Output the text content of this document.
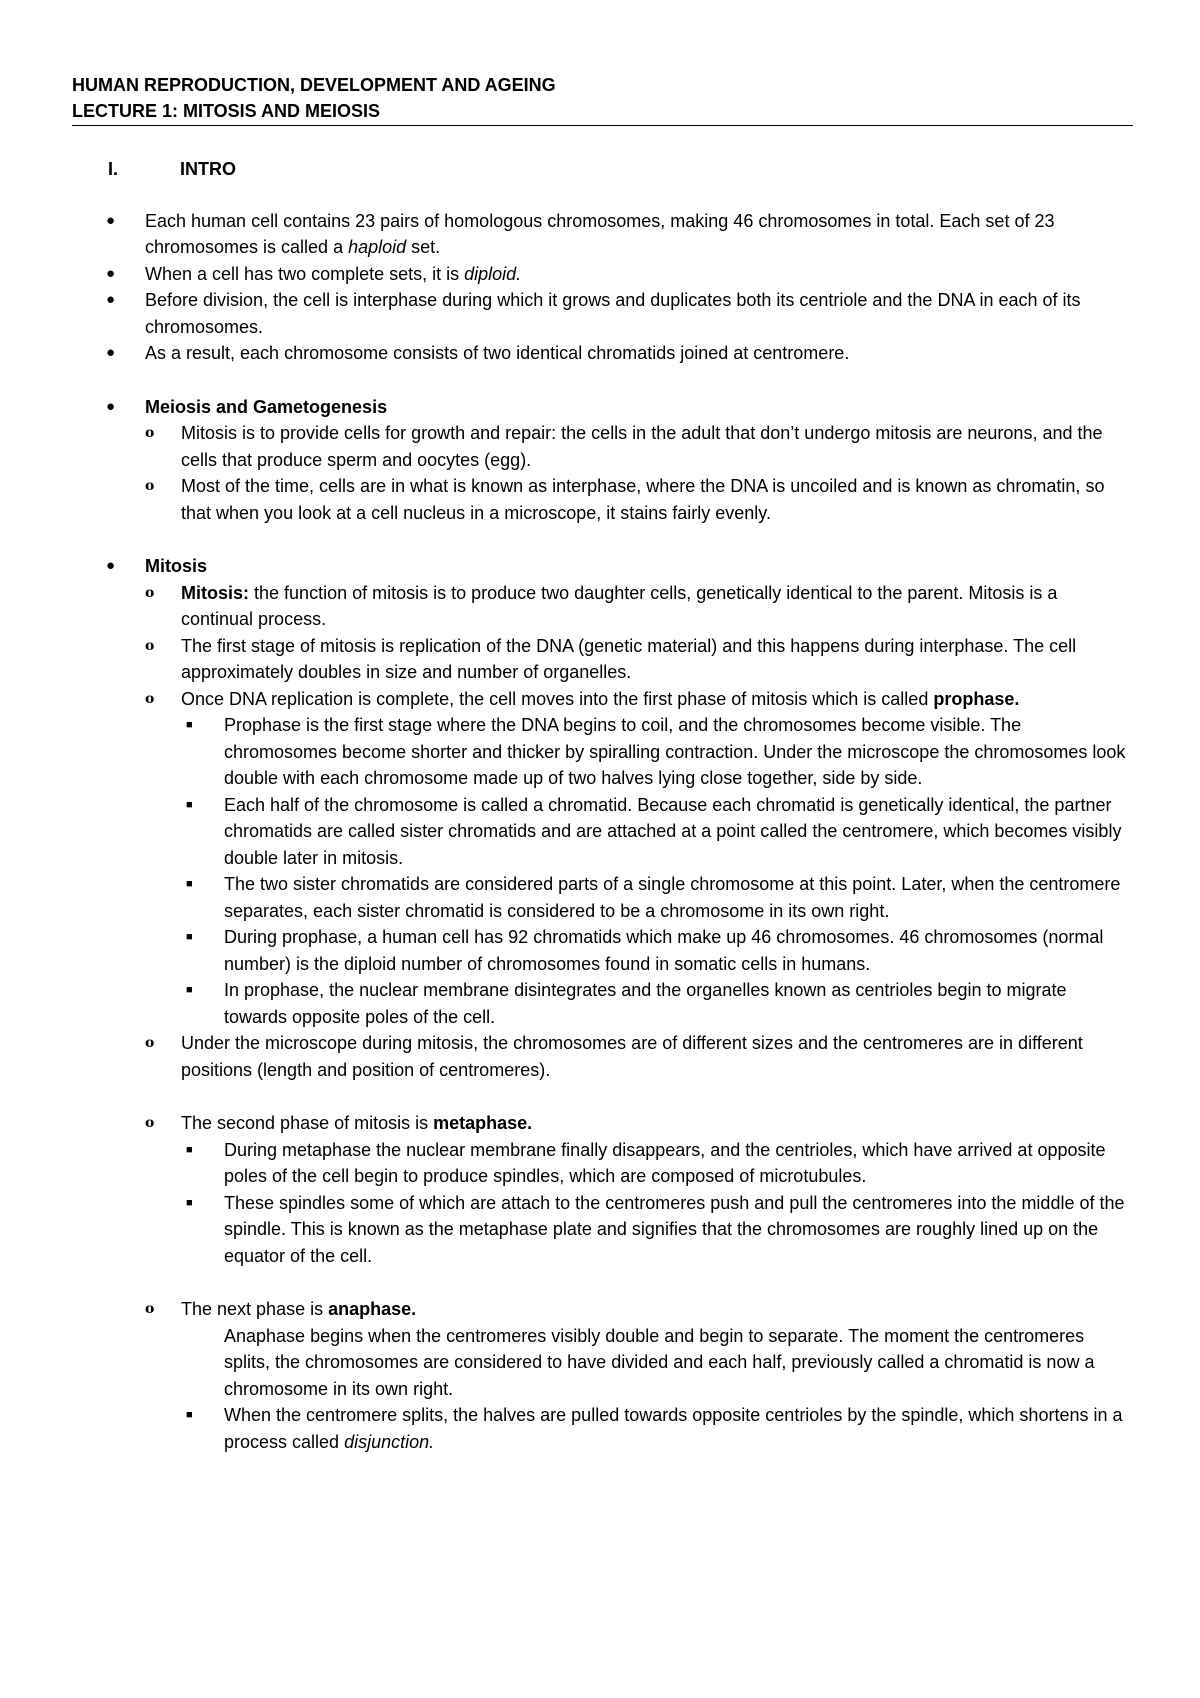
HUMAN REPRODUCTION, DEVELOPMENT AND AGEING
LECTURE 1: MITOSIS AND MEIOSIS
I.	INTRO
● Each human cell contains 23 pairs of homologous chromosomes, making 46 chromosomes in total. Each set of 23 chromosomes is called a haploid set.
● When a cell has two complete sets, it is diploid.
● Before division, the cell is interphase during which it grows and duplicates both its centriole and the DNA in each of its chromosomes.
● As a result, each chromosome consists of two identical chromatids joined at centromere.
● Meiosis and Gametogenesis
o Mitosis is to provide cells for growth and repair: the cells in the adult that don’t undergo mitosis are neurons, and the cells that produce sperm and oocytes (egg).
o Most of the time, cells are in what is known as interphase, where the DNA is uncoiled and is known as chromatin, so that when you look at a cell nucleus in a microscope, it stains fairly evenly.
● Mitosis
o Mitosis: the function of mitosis is to produce two daughter cells, genetically identical to the parent. Mitosis is a continual process.
o The first stage of mitosis is replication of the DNA (genetic material) and this happens during interphase. The cell approximately doubles in size and number of organelles.
o Once DNA replication is complete, the cell moves into the first phase of mitosis which is called prophase.
■ Prophase is the first stage where the DNA begins to coil, and the chromosomes become visible. The chromosomes become shorter and thicker by spiralling contraction. Under the microscope the chromosomes look double with each chromosome made up of two halves lying close together, side by side.
■ Each half of the chromosome is called a chromatid. Because each chromatid is genetically identical, the partner chromatids are called sister chromatids and are attached at a point called the centromere, which becomes visibly double later in mitosis.
■ The two sister chromatids are considered parts of a single chromosome at this point. Later, when the centromere separates, each sister chromatid is considered to be a chromosome in its own right.
■ During prophase, a human cell has 92 chromatids which make up 46 chromosomes. 46 chromosomes (normal number) is the diploid number of chromosomes found in somatic cells in humans.
■ In prophase, the nuclear membrane disintegrates and the organelles known as centrioles begin to migrate towards opposite poles of the cell.
o Under the microscope during mitosis, the chromosomes are of different sizes and the centromeres are in different positions (length and position of centromeres).
o The second phase of mitosis is metaphase.
■ During metaphase the nuclear membrane finally disappears, and the centrioles, which have arrived at opposite poles of the cell begin to produce spindles, which are composed of microtubules.
■ These spindles some of which are attach to the centromeres push and pull the centromeres into the middle of the spindle. This is known as the metaphase plate and signifies that the chromosomes are roughly lined up on the equator of the cell.
o The next phase is anaphase.
Anaphase begins when the centromeres visibly double and begin to separate. The moment the centromeres splits, the chromosomes are considered to have divided and each half, previously called a chromatid is now a chromosome in its own right.
■ When the centromere splits, the halves are pulled towards opposite centrioles by the spindle, which shortens in a process called disjunction.
